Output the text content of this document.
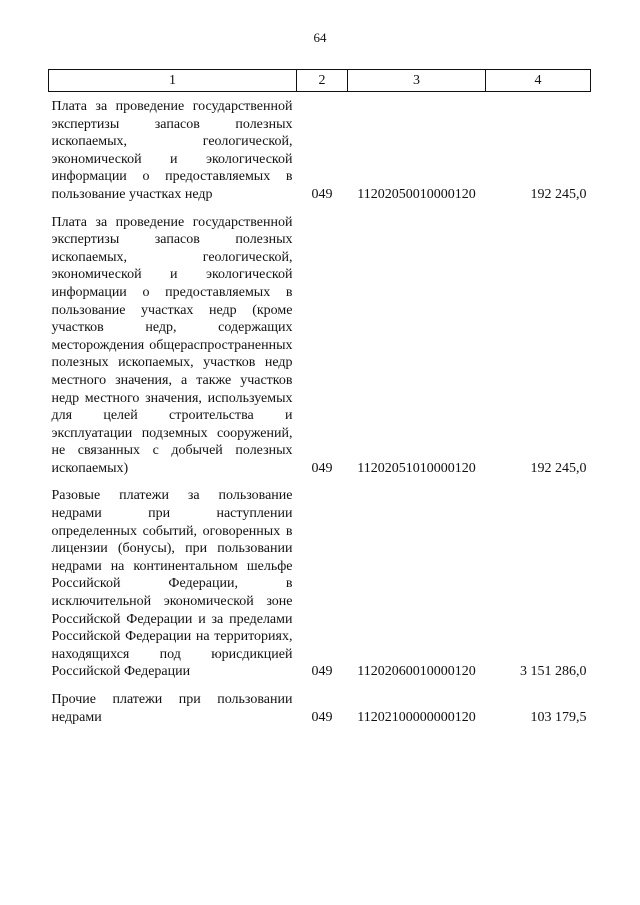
64
1	2	3	4
Плата за проведение государственной экспертизы запасов полезных ископаемых, геологической, экономической и экологической информации о предоставляемых в пользование участках недр	049	11202050010000120	192 245,0
Плата за проведение государственной экспертизы запасов полезных ископаемых, геологической, экономической и экологической информации о предоставляемых в пользование участках недр (кроме участков недр, содержащих месторождения общераспространенных полезных ископаемых, участков недр местного значения, а также участков недр местного значения, используемых для целей строительства и эксплуатации подземных сооружений, не связанных с добычей полезных ископаемых)	049	11202051010000120	192 245,0
Разовые платежи за пользование недрами при наступлении определенных событий, оговоренных в лицензии (бонусы), при пользовании недрами на континентальном шельфе Российской Федерации, в исключительной экономической зоне Российской Федерации и за пределами Российской Федерации на территориях, находящихся под юрисдикцией Российской Федерации	049	11202060010000120	3 151 286,0
Прочие платежи при пользовании недрами	049	11202100000000120	103 179,5
